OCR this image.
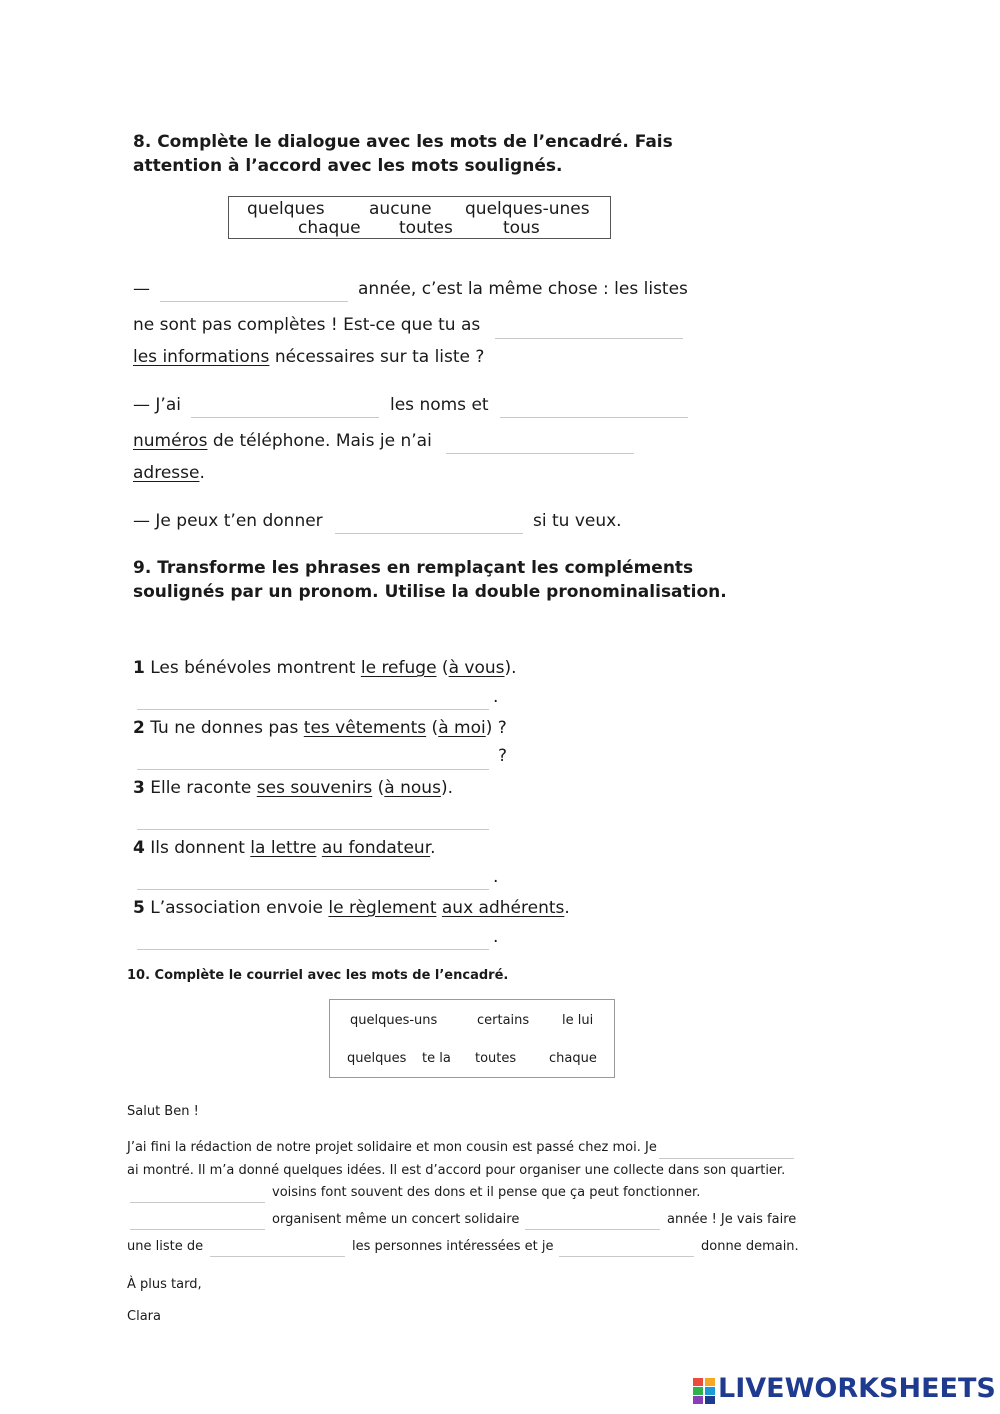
8. Complète le dialogue avec les mots de l’encadré. Fais
attention à l’accord avec les mots soulignés.
quelques	aucune quelques-unes
chaque toutes	tous
—	année, c’est la même chose : les listes
ne sont pas complètes ! Est-ce que tu as
les informations nécessaires sur ta liste ?
— J’ai	les noms et
numéros de téléphone. Mais je n’ai
adresse.
— Je peux t’en donner	si tu veux.
9. Transforme les phrases en remplaçant les compléments
soulignés par un pronom. Utilise la double pronominalisation.
1 Les bénévoles montrent le refuge (à vous).
.
2 Tu ne donnes pas tes vêtements (à moi) ?
?
3 Elle raconte ses souvenirs (à nous).
4 Ils donnent la lettre au fondateur.
.
5 L’association envoie le règlement aux adhérents.
.
10. Complète le courriel avec les mots de l’encadré.
quelques-uns	certains	le lui
quelques te la toutes	chaque
Salut Ben !
J’ai fini la rédaction de notre projet solidaire et mon cousin est passé chez moi. Je
ai montré. Il m’a donné quelques idées. Il est d’accord pour organiser une collecte dans son quartier.
voisins font souvent des dons et il pense que ça peut fonctionner.
organisent même un concert solidaire	année ! Je vais faire
une liste de	les personnes intéressées et je	donne demain.
À plus tard,
Clara
LIVEWORKSHEETS
